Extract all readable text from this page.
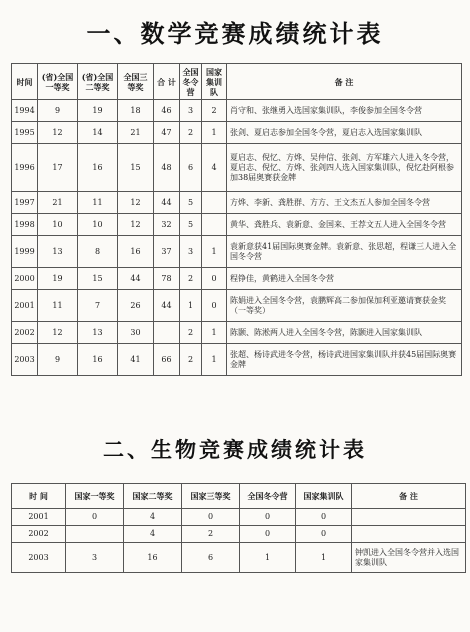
一、数学竞赛成绩统计表
时间	(省)全国一等奖	(省)全国二等奖	全国三等奖	合 计	全国冬令营	国家集训队	备 注
1994	9	19	18	46	3	2	肖守和、张继勇入选国家集训队，李俊参加全国冬令营
1995	12	14	21	47	2	1	张剑、夏启志参加全国冬令营，夏启志入选国家集训队
1996	17	16	15	48	6	4	夏启志、倪忆、方烨、吴仲信、张剑、方军雄六人进入冬令营，夏启志、倪忆、方烨、张剑四人选入国家集训队，倪忆赴阿根参加38届奥赛获金牌
1997	21	11	12	44	5		方烨、李新、龚胜群、方方、王文杰五人参加全国冬令营
1998	10	10	12	32	5		黄华、龚胜兵、袁新意、金国来、王荐文五人进入全国冬令营
1999	13	8	16	37	3	1	袁新意获41届国际奥赛金牌。袁新意、张思超，程谦三人进入全国冬令营
2000	19	15	44	78	2	0	程铮佳，黄鹤进入全国冬令营
2001	11	7	26	44	1	0	陈娟进入全国冬令营，袁鹏辉高二参加保加利亚邀请赛获金奖（一等奖）
2002	12	13	30		2	1	陈颢、陈淞两人进入全国冬令营，陈颢进入国家集训队
2003	9	16	41	66	2	1	张超、杨诗武进冬令营，杨诗武进国家集训队并获45届国际奥赛金牌
二、生物竞赛成绩统计表
时 间	国家一等奖	国家二等奖	国家三等奖	全国冬令营	国家集训队	备 注
2001	0	4	0	0	0	
2002		4	2	0	0	
2003	3	16	6	1	1	钟凯进入全国冬令营并入选国家集训队
